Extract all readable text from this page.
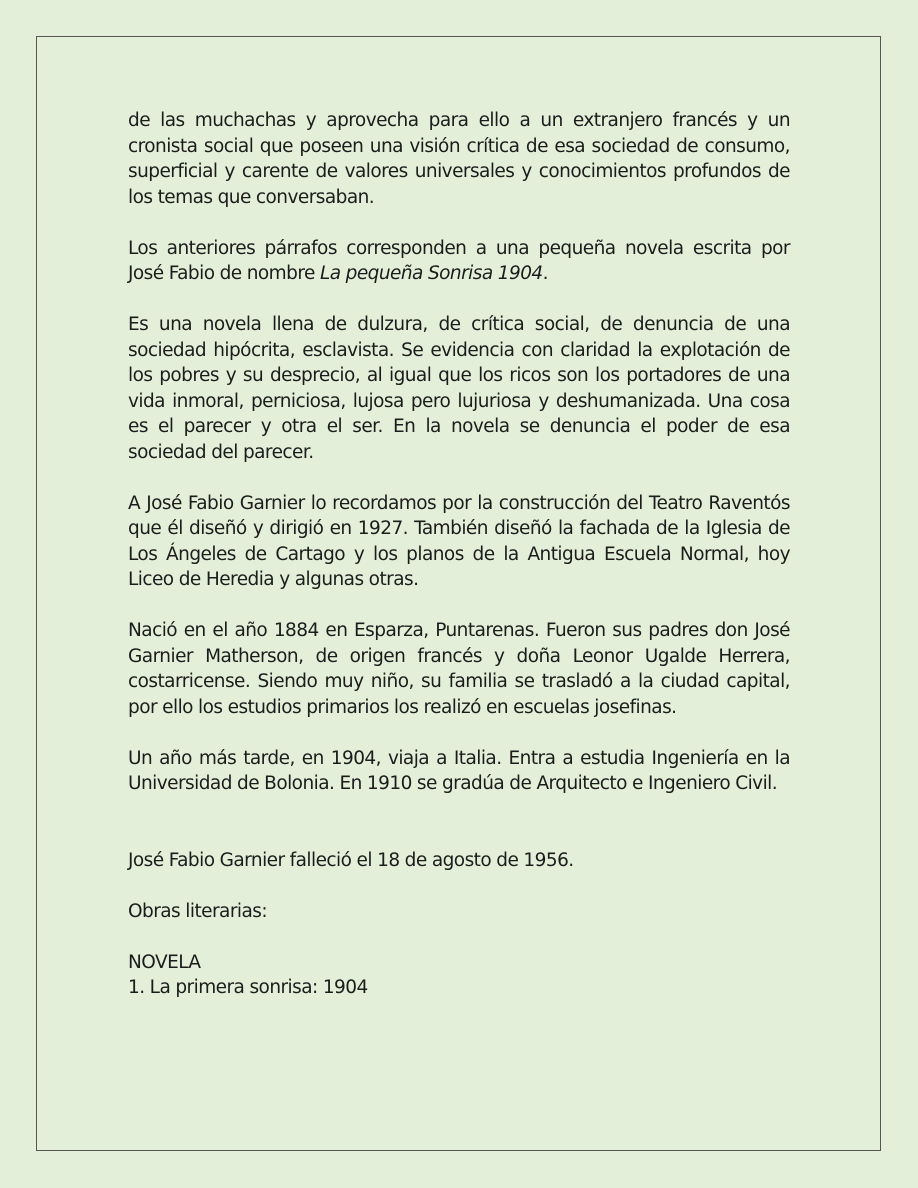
de las muchachas y aprovecha para ello a un extranjero francés y un cronista social que poseen una visión crítica de esa sociedad de consumo, superficial y carente de valores universales y conocimientos profundos de los temas que conversaban.

Los anteriores párrafos corresponden a una pequeña novela escrita por José Fabio de nombre La pequeña Sonrisa 1904.

Es una novela llena de dulzura, de crítica social, de denuncia de una sociedad hipócrita, esclavista. Se evidencia con claridad la explotación de los pobres y su desprecio, al igual que los ricos son los portadores de una vida inmoral, perniciosa, lujosa pero lujuriosa y deshumanizada. Una cosa es el parecer y otra el ser. En la novela se denuncia el poder de esa sociedad del parecer.

A José Fabio Garnier lo recordamos por la construcción del Teatro Raventós que él diseñó y dirigió en 1927. También diseñó la fachada de la Iglesia de Los Ángeles de Cartago y los planos de la Antigua Escuela Normal, hoy Liceo de Heredia y algunas otras.

Nació en el año 1884 en Esparza, Puntarenas. Fueron sus padres don José Garnier Matherson, de origen francés y doña Leonor Ugalde Herrera, costarricense. Siendo muy niño, su familia se trasladó a la ciudad capital, por ello los estudios primarios los realizó en escuelas josefinas.

Un año más tarde, en 1904, viaja a Italia. Entra a estudia Ingeniería en la Universidad de Bolonia. En 1910 se gradúa de Arquitecto e Ingeniero Civil.

José Fabio Garnier falleció el 18 de agosto de 1956.

Obras literarias:

NOVELA

1. La primera sonrisa: 1904
